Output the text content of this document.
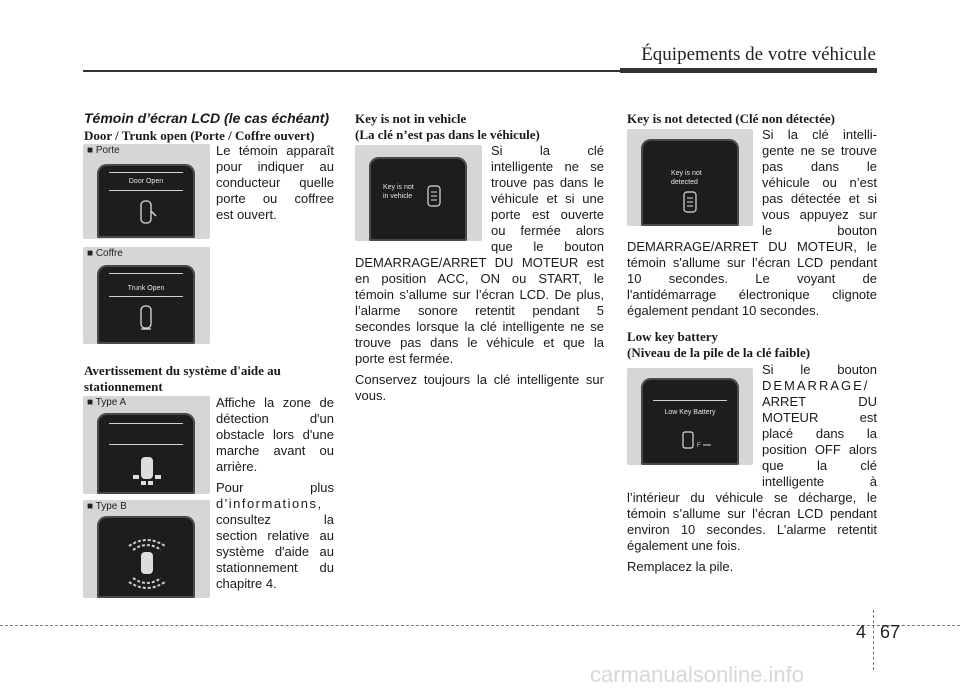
Équipements de votre véhicule
Témoin d’écran LCD (le cas échéant)
Door / Trunk open (Porte / Coffre ouvert)
Le témoin apparaît
pour indiquer au
conducteur quelle
porte ou coffree
est ouvert.
■ Porte
Door Open
■ Coffre
Trunk Open
Avertissement du système d'aide au
stationnement
Affiche la zone de
détection d'un
obstacle lors d'une
marche avant ou
arrière.
Pour plus
d'informations,
consultez la
section relative au
système d'aide au
stationnement du
chapitre 4.
■ Type A
■ Type B
Key is not in vehicle
(La clé n’est pas dans le véhicule)
Key is not
in vehicle
Si la clé
intelligente ne se
trouve pas dans le
véhicule et si une
porte est ouverte
ou fermée alors
que le bouton
DEMARRAGE/ARRET DU MOTEUR est
en position ACC, ON ou START, le
témoin s’allume sur l’écran LCD. De plus,
l’alarme sonore retentit pendant 5
secondes lorsque la clé intelligente ne se
trouve pas dans le véhicule et que la
porte est fermée.
Conservez toujours la clé intelligente sur
vous.
Key is not detected (Clé non détectée)
Key is not
detected
Si la clé intelli-
gente ne se trouve
pas dans le
véhicule ou n’est
pas détectée et si
vous appuyez sur
le bouton
DEMARRAGE/ARRET DU MOTEUR, le
témoin s'allume sur l’écran LCD pendant
10 secondes. Le voyant de
l'antidémarrage électronique clignote
également pendant 10 secondes.
Low key battery
(Niveau de la pile de la clé faible)
Low Key Battery
F
Si le bouton
DEMARRAGE/
ARRET DU
MOTEUR est
placé dans la
position OFF alors
que la clé
intelligente à
l’intérieur du véhicule se décharge, le
témoin s’allume sur l’écran LCD pendant
environ 10 secondes. L’alarme retentit
également une fois.
Remplacez la pile.
4 67
carmanualsonline.info
